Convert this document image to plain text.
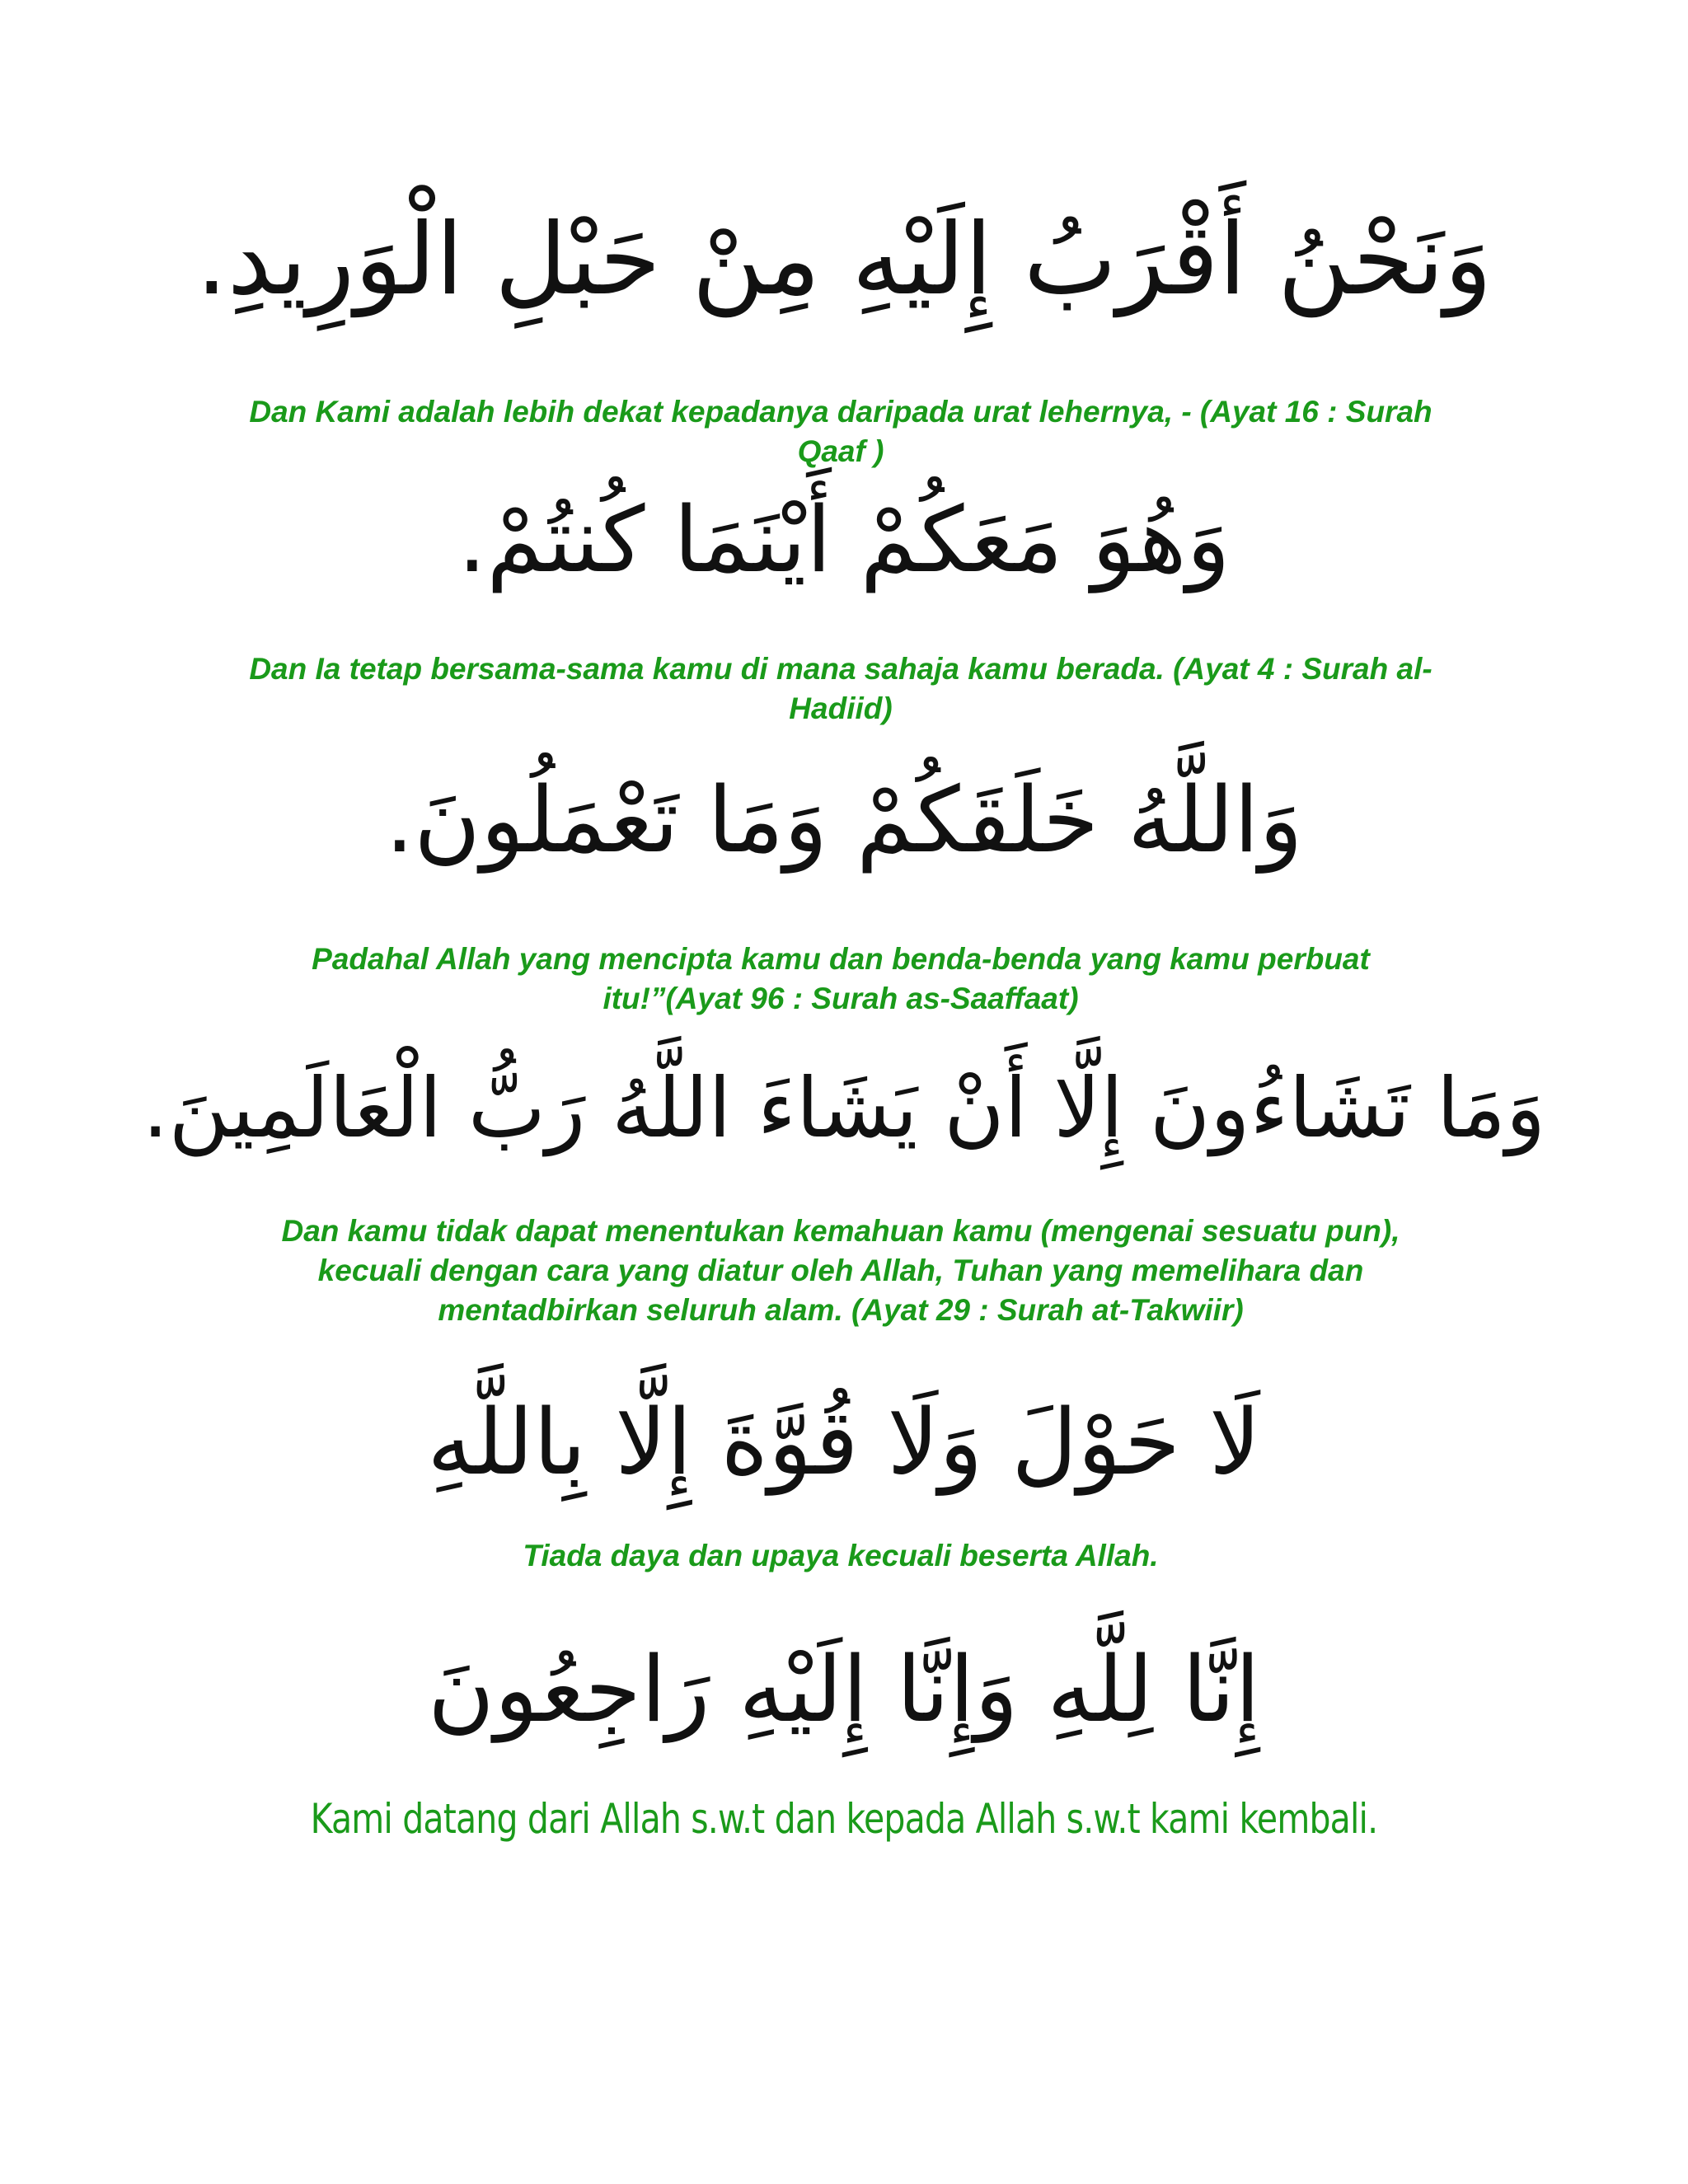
وَنَحْنُ أَقْرَبُ إِلَيْهِ مِنْ حَبْلِ الْوَرِيدِ.

Dan Kami adalah lebih dekat kepadanya daripada urat lehernya, - (Ayat 16 : Surah
Qaaf )

وَهُوَ مَعَكُمْ أَيْنَمَا كُنتُمْ.

Dan Ia tetap bersama-sama kamu di mana sahaja kamu berada. (Ayat 4 : Surah al-
Hadiid)

وَاللَّهُ خَلَقَكُمْ وَمَا تَعْمَلُونَ.

Padahal Allah yang mencipta kamu dan benda-benda yang kamu perbuat
itu!”(Ayat 96 : Surah as-Saaffaat)

وَمَا تَشَاءُونَ إِلَّا أَنْ يَشَاءَ اللَّهُ رَبُّ الْعَالَمِينَ.

Dan kamu tidak dapat menentukan kemahuan kamu (mengenai sesuatu pun),
kecuali dengan cara yang diatur oleh Allah, Tuhan yang memelihara dan
mentadbirkan seluruh alam. (Ayat 29 : Surah at-Takwiir)

لَا حَوْلَ وَلَا قُوَّةَ إِلَّا بِاللَّهِ

Tiada daya dan upaya kecuali beserta Allah.

إِنَّا لِلَّهِ وَإِنَّا إِلَيْهِ رَاجِعُونَ
Kami datang dari Allah s.w.t dan kepada Allah s.w.t kami kembali.
